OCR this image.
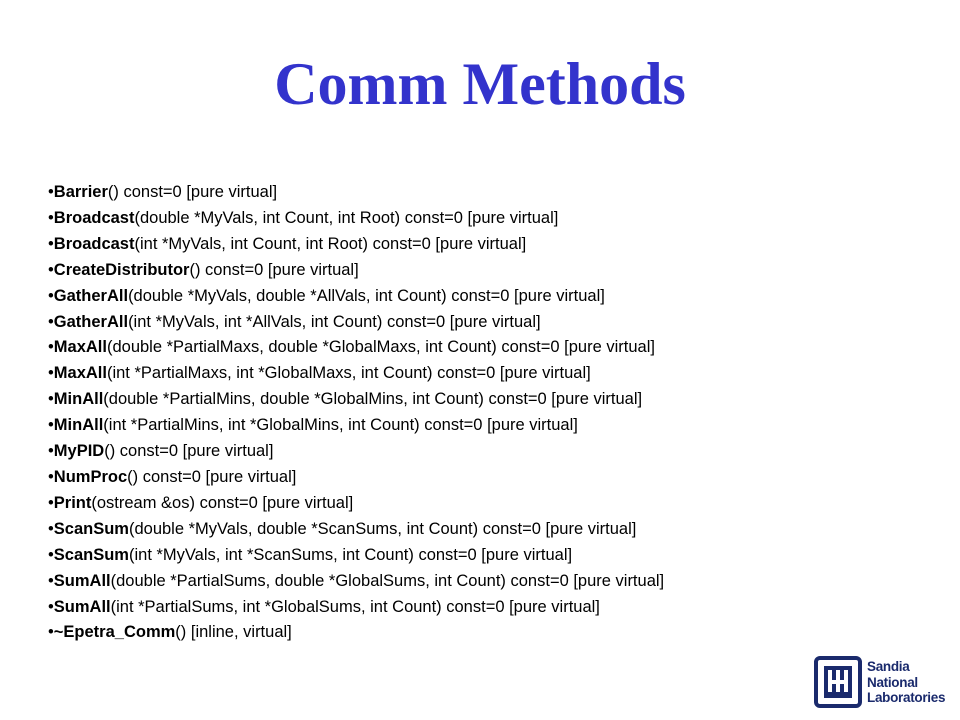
Comm Methods
• Barrier() const=0 [pure virtual]
• Broadcast(double *MyVals, int Count, int Root) const=0 [pure virtual]
• Broadcast(int *MyVals, int Count, int Root) const=0 [pure virtual]
• CreateDistributor() const=0 [pure virtual]
• GatherAll(double *MyVals, double *AllVals, int Count) const=0 [pure virtual]
• GatherAll(int *MyVals, int *AllVals, int Count) const=0 [pure virtual]
• MaxAll(double *PartialMaxs, double *GlobalMaxs, int Count) const=0 [pure virtual]
• MaxAll(int *PartialMaxs, int *GlobalMaxs, int Count) const=0 [pure virtual]
• MinAll(double *PartialMins, double *GlobalMins, int Count) const=0 [pure virtual]
• MinAll(int *PartialMins, int *GlobalMins, int Count) const=0 [pure virtual]
• MyPID() const=0 [pure virtual]
• NumProc() const=0 [pure virtual]
• Print(ostream &os) const=0 [pure virtual]
• ScanSum(double *MyVals, double *ScanSums, int Count) const=0 [pure virtual]
• ScanSum(int *MyVals, int *ScanSums, int Count) const=0 [pure virtual]
• SumAll(double *PartialSums, double *GlobalSums, int Count) const=0 [pure virtual]
• SumAll(int *PartialSums, int *GlobalSums, int Count) const=0 [pure virtual]
• ~Epetra_Comm() [inline, virtual]
Sandia
National
Laboratories
